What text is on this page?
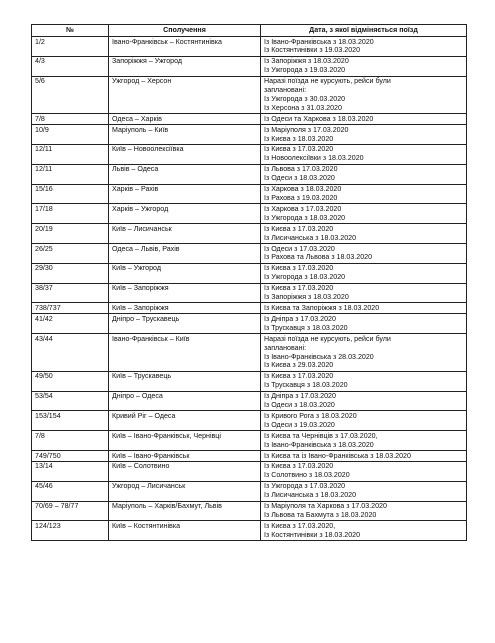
№	Сполучення	Дата, з якої відміняється поїзд
1/2	Івано-Франківськ – Костянтинівка	Із Івано-Франківська з 18.03.2020
Із Костянтинівки з 19.03.2020

4/3	Запоріжжя – Ужгород	Із Запоріжжя з 18.03.2020
Із Ужгорода з 19.03.2020

5/6	Ужгород – Херсон	Наразі поїзда не курсують, рейси були
заплановані:
Із Ужгорода з 30.03.2020
Із Херсона з 31.03.2020

7/8	Одеса – Харків	Із Одеси та Харкова з 18.03.2020

10/9	Маріуполь – Київ	Із Маріуполя з 17.03.2020
Із Києва з 18.03.2020

12/11	Київ – Новоолексіївка	Із Києва з 17.03.2020
Із Новоолексіївки з 18.03.2020

12/11	Львів – Одеса	Із Львова з 17.03.2020
Із Одеси з 18.03.2020

15/16	Харків – Рахів	Із Харкова з 18.03.2020
Із Рахова з 19.03.2020

17/18	Харків – Ужгород	Із Харкова з 17.03.2020
Із Ужгорода з 18.03.2020

20/19	Київ – Лисичанськ	Із Києва з 17.03.2020
Із Лисичанська з 18.03.2020

26/25	Одеса – Львів, Рахів	Із Одеси з 17.03.2020
Із Рахова та Львова з 18.03.2020

29/30	Київ – Ужгород	Із Києва з 17.03.2020
Із Ужгорода з 18.03.2020

38/37	Київ – Запоріжжя	Із Києва з 17.03.2020
Із Запоріжжя з 18.03.2020

738/737	Київ – Запоріжжя	Із Києва та Запоріжжя з 18.03.2020

41/42	Дніпро – Трускавець	Із Дніпра з 17.03.2020
Із Трускавця з 18.03.2020

43/44	Івано-Франківськ – Київ	Наразі поїзда не курсують, рейси були
заплановані:
Із Івано-Франківська з 28.03.2020
Із Києва з 29.03.2020

49/50	Київ – Трускавець	Із Києва з 17.03.2020
Із Трускавця з 18.03.2020

53/54	Дніпро – Одеса	Із Дніпра з 17.03.2020
Із Одеси з 18.03.2020

153/154	Кривий Ріг – Одеса	Із Кривого Рога з 18.03.2020
Із Одеси з 19.03.2020

7/8	Київ – Івано-Франківськ, Чернівці	Із Києва та Чернівців з 17.03.2020,
Із Івано-Франківська з 18.03.2020

749/750	Київ – Івано-Франківськ	Із Києва та із Івано-Франківська з 18.03.2020

13/14	Київ – Солотвино	Із Києва з 17.03.2020
Із Солотвино з 18.03.2020

45/46	Ужгород – Лисичанськ	Із Ужгорода з 17.03.2020
Із Лисичанська з 18.03.2020

70/69 – 78/77	Маріуполь – Харків/Бахмут, Львів	Із Маріуполя та Харкова з 17.03.2020
Із Львова та Бахмута з 18.03.2020

124/123	Київ – Костянтинівка	Із Києва з 17.03.2020,
Із Костянтинівки з 18.03.2020
